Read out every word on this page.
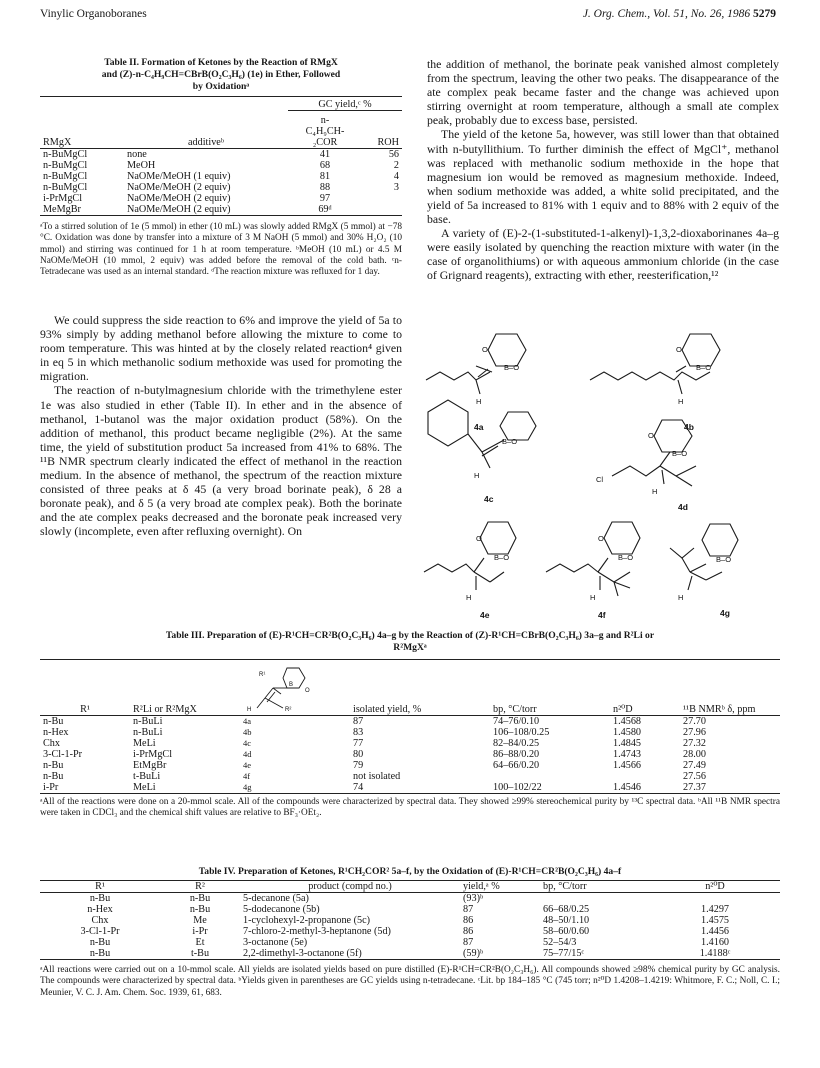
Vinylic Organoboranes	J. Org. Chem., Vol. 51, No. 26, 1986 5279
Table II. Formation of Ketones by the Reaction of RMgX
and (Z)-n-C₄H₉CH=CBrB(O₂C₃H₆) (1e) in Ether, Followed
by Oxidationᵃ
		GC yield,ᶜ %	
		n-	
		C₄H₉CH-	
RMgX	additiveᵇ	₂COR	ROH
n-BuMgCl	none	41	56
n-BuMgCl	MeOH	68	2
n-BuMgCl	NaOMe/MeOH (1 equiv)	81	4
n-BuMgCl	NaOMe/MeOH (2 equiv)	88	3
i-PrMgCl	NaOMe/MeOH (2 equiv)	97	
MeMgBr	NaOMe/MeOH (2 equiv)	69ᵈ	
ᵃTo a stirred solution of 1e (5 mmol) in ether (10 mL) was slowly added RMgX (5 mmol) at −78 °C. Oxidation was done by transfer into a mixture of 3 M NaOH (5 mmol) and 30% H₂O₂ (10 mmol) and stirring was continued for 1 h at room temperature. ᵇMeOH (10 mL) or 4.5 M NaOMe/MeOH (10 mmol, 2 equiv) was added before the removal of the cold bath. ᶜn-Tetradecane was used as an internal standard. ᵈThe reaction mixture was refluxed for 1 day.

We could suppress the side reaction to 6% and improve the yield of 5a to 93% simply by adding methanol before allowing the mixture to come to room temperature. This was hinted at by the closely related reaction⁴ given in eq 5 in which methanolic sodium methoxide was used for promoting the migration.

The reaction of n-butylmagnesium chloride with the trimethylene ester 1e was also studied in ether (Table II). In ether and in the absence of methanol, 1-butanol was the major oxidation product (58%). On the addition of methanol, this product became negligible (2%). At the same time, the yield of substitution product 5a increased from 41% to 68%. The ¹¹B NMR spectrum clearly indicated the effect of methanol in the reaction medium. In the absence of methanol, the spectrum of the reaction mixture consisted of three peaks at δ 45 (a very broad borinate peak), δ 28 a boronate peak), and δ 5 (a very broad ate complex peak). Both the borinate and the ate complex peaks decreased and the boronate peak increased very slowly (incomplete, even after refluxing overnight). On

the addition of methanol, the borinate peak vanished almost completely from the spectrum, leaving the other two peaks. The disappearance of the ate complex peak became faster and the change was achieved upon stirring overnight at room temperature, although a small ate complex peak, probably due to excess base, persisted.

The yield of the ketone 5a, however, was still lower than that obtained with n-butyllithium. To further diminish the effect of MgCl⁺, methanol was replaced with methanolic sodium methoxide in the hope that magnesium ion would be removed as magnesium methoxide. Indeed, when sodium methoxide was added, a white solid precipitated, and the yield of 5a increased to 81% with 1 equiv and to 88% with 2 equiv of the base.

A variety of (E)-2-(1-substituted-1-alkenyl)-1,3,2-dioxaborinanes 4a–g were easily isolated by quenching the reaction mixture with water (in the case of organolithiums) or with aqueous ammonium chloride (in the case of Grignard reagents), extracting with ether, reesterification,¹²

O
B–O
H
4a
O
B–O
H
4b
B–O
H
4c
Cl
O
B–O
H
4d
O
B–O
H
4e
O
B–O
H
4f
B–O
H
4g
Table III. Preparation of (E)-R¹CH=CR²B(O₂C₃H₆) 4a–g by the Reaction of (Z)-R¹CH=CBrB(O₂C₃H₆) 3a–g and R²Li or
R²MgXᵃ
R¹	R²Li or R²MgX	R¹
B
O
H R²	isolated yield, %	bp, °C/torr	n²⁰D	¹¹B NMRᵇ δ, ppm
n-Bu	n-BuLi	4a	87	74–76/0.10	1.4568	27.70
n-Hex	n-BuLi	4b	83	106–108/0.25	1.4580	27.96
Chx	MeLi	4c	77	82–84/0.25	1.4845	27.32
3-Cl-1-Pr	i-PrMgCl	4d	80	86–88/0.20	1.4743	28.00
n-Bu	EtMgBr	4e	79	64–66/0.20	1.4566	27.49
n-Bu	t-BuLi	4f	not isolated			27.56
i-Pr	MeLi	4g	74	100–102/22	1.4546	27.37
ᵃAll of the reactions were done on a 20-mmol scale. All of the compounds were characterized by spectral data. They showed ≥99% stereochemical purity by ¹³C spectral data. ᵇAll ¹¹B NMR spectra were taken in CDCl₃ and the chemical shift values are relative to BF₃·OEt₂.
Table IV. Preparation of Ketones, R¹CH₂COR² 5a–f, by the Oxidation of (E)-R¹CH=CR²B(O₂C₃H₆) 4a–f
R¹	R²	product (compd no.)	yield,ᵃ %	bp, °C/torr	n²⁰D
n-Bu	n-Bu	5-decanone (5a)	(93)ᵇ		
n-Hex	n-Bu	5-dodecanone (5b)	87	66–68/0.25	1.4297
Chx	Me	1-cyclohexyl-2-propanone (5c)	86	48–50/1.10	1.4575
3-Cl-1-Pr	i-Pr	7-chloro-2-methyl-3-heptanone (5d)	86	58–60/0.60	1.4456
n-Bu	Et	3-octanone (5e)	87	52–54/3	1.4160
n-Bu	t-Bu	2,2-dimethyl-3-octanone (5f)	(59)ᵇ	75–77/15ᶜ	1.4188ᶜ
ᵃAll reactions were carried out on a 10-mmol scale. All yields are isolated yields based on pure distilled (E)-R¹CH=CR²B(O₂C₃H₆). All compounds showed ≥98% chemical purity by GC analysis. The compounds were characterized by spectral data. ᵇYields given in parentheses are GC yields using n-tetradecane. ᶜLit. bp 184–185 °C (745 torr; n²⁰D 1.4208–1.4219: Whitmore, F. C.; Noll, C. I.; Meunier, V. C. J. Am. Chem. Soc. 1939, 61, 683.
